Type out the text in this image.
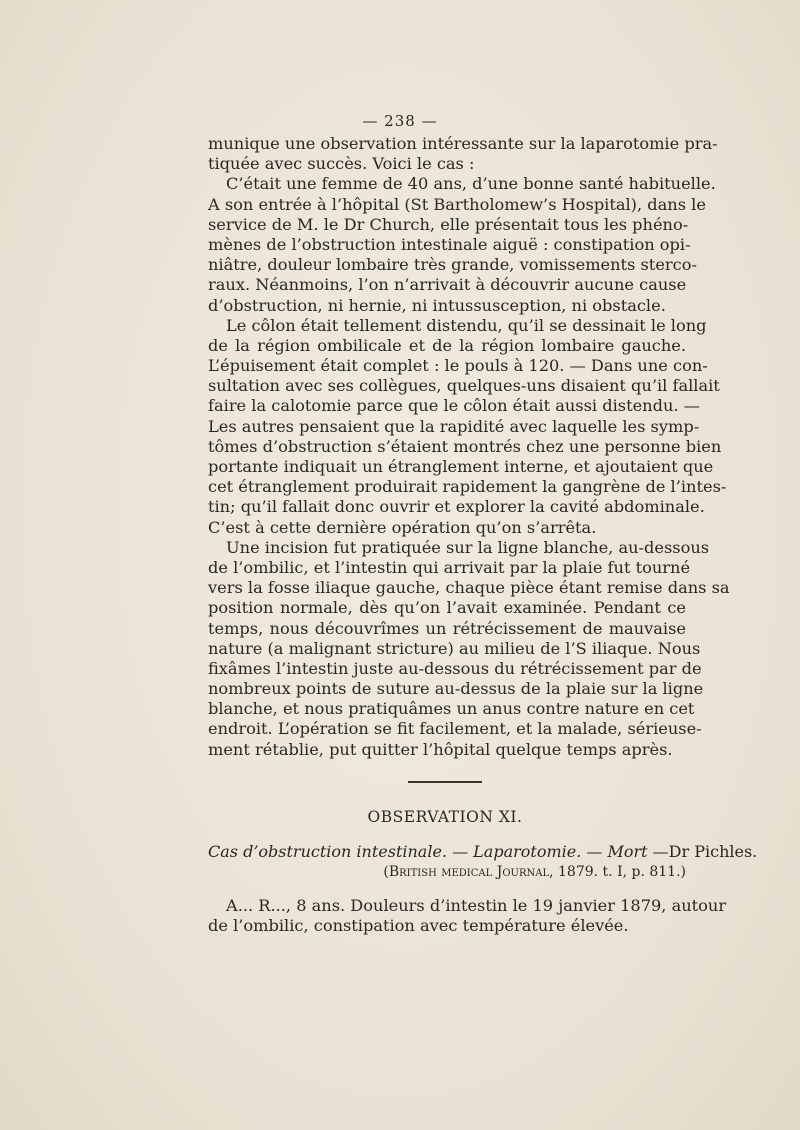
— 238 —
munique une observation intéressante sur la laparotomie pra-
tiquée avec succès. Voici le cas :
C’était une femme de 40 ans, d’une bonne santé habituelle.
A son entrée à l’hôpital (St Bartholomew’s Hospital), dans le
service de M. le Dr Church, elle présentait tous les phéno-
mènes de l’obstruction intestinale aiguë : constipation opi-
niâtre, douleur lombaire très grande, vomissements sterco-
raux. Néanmoins, l’on n’arrivait à découvrir aucune cause
d’obstruction, ni hernie, ni intussusception, ni obstacle.
Le côlon était tellement distendu, qu’il se dessinait le long
de la région ombilicale et de la région lombaire gauche.
L’épuisement était complet : le pouls à 120. — Dans une con-
sultation avec ses collègues, quelques-uns disaient qu’il fallait
faire la calotomie parce que le côlon était aussi distendu. —
Les autres pensaient que la rapidité avec laquelle les symp-
tômes d’obstruction s’étaient montrés chez une personne bien
portante indiquait un étranglement interne, et ajoutaient que
cet étranglement produirait rapidement la gangrène de l’intes-
tin; qu’il fallait donc ouvrir et explorer la cavité abdominale.
C’est à cette dernière opération qu’on s’arrêta.
Une incision fut pratiquée sur la ligne blanche, au-dessous
de l’ombilic, et l’intestin qui arrivait par la plaie fut tourné
vers la fosse iliaque gauche, chaque pièce étant remise dans sa
position normale, dès qu’on l’avait examinée. Pendant ce
temps, nous découvrîmes un rétrécissement de mauvaise
nature (a malignant stricture) au milieu de l’S iliaque. Nous
fixâmes l’intestin juste au-dessous du rétrécissement par de
nombreux points de suture au-dessus de la plaie sur la ligne
blanche, et nous pratiquâmes un anus contre nature en cet
endroit. L’opération se fit facilement, et la malade, sérieuse-
ment rétablie, put quitter l’hôpital quelque temps après.
OBSERVATION XI.
Cas d’obstruction intestinale. — Laparotomie. — Mort —Dr Pichles.
(British medical Journal, 1879. t. I, p. 811.)
A... R..., 8 ans. Douleurs d’intestin le 19 janvier 1879, autour
de l’ombilic, constipation avec température élevée.
